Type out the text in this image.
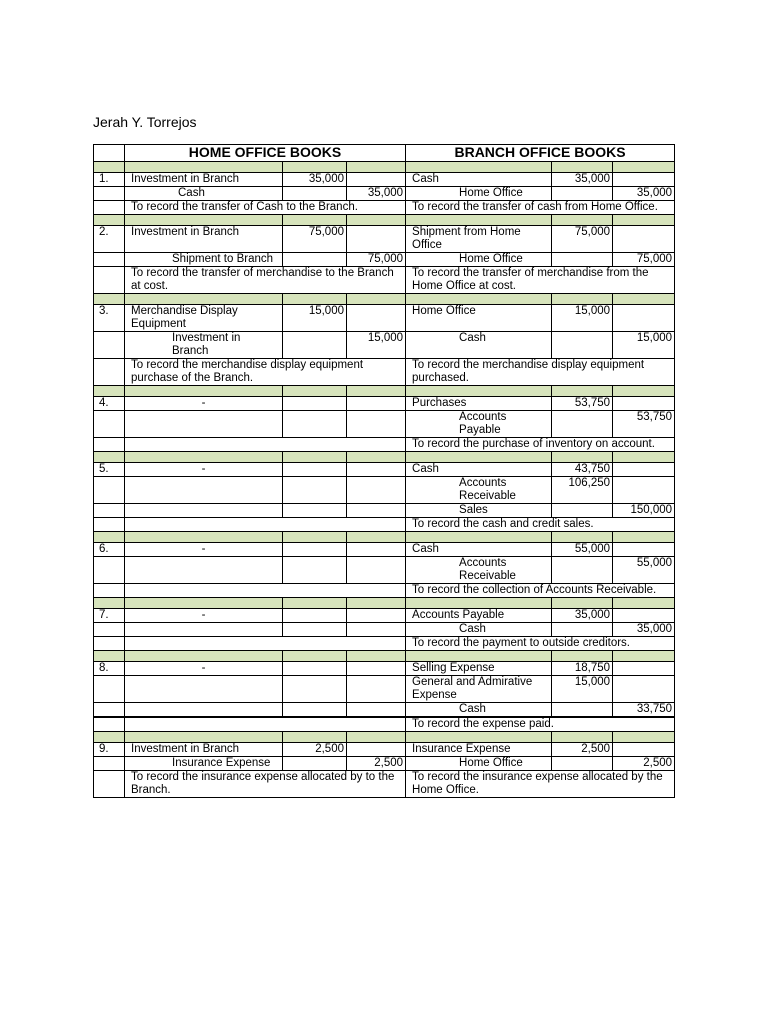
Jerah Y. Torrejos
	HOME OFFICE BOOKS			BRANCH OFFICE BOOKS		

1.	Investment in Branch	35,000		Cash	35,000	
	Cash		35,000	Home Office		35,000
	To record the transfer of Cash to the Branch.			To record the transfer of cash from Home Office.		

2.	Investment in Branch	75,000		Shipment from Home Office	75,000	
	Shipment to Branch		75,000	Home Office		75,000
	To record the transfer of merchandise to the Branch at cost.			To record the transfer of merchandise from the Home Office at cost.		

3.	Merchandise Display Equipment	15,000		Home Office	15,000	
	Investment in Branch		15,000	Cash		15,000
	To record the merchandise display equipment purchase of the Branch.			To record the merchandise display equipment purchased.		

4.	-			Purchases	53,750	
				Accounts Payable		53,750
				To record the purchase of inventory on account.		

5.	-			Cash	43,750	
				Accounts Receivable	106,250	
				Sales		150,000
				To record the cash and credit sales.		

6.	-			Cash	55,000	
				Accounts Receivable		55,000
				To record the collection of Accounts Receivable.		

7.	-			Accounts Payable	35,000	
				Cash		35,000
				To record the payment to outside creditors.		

8.	-			Selling Expense	18,750	
				General and Admirative Expense	15,000	
				Cash		33,750

				To record the expense paid.		

9.	Investment in Branch	2,500		Insurance Expense	2,500	
	Insurance Expense		2,500	Home Office		2,500
	To record the insurance expense allocated by to the Branch.			To record the insurance expense allocated by the Home Office.		
